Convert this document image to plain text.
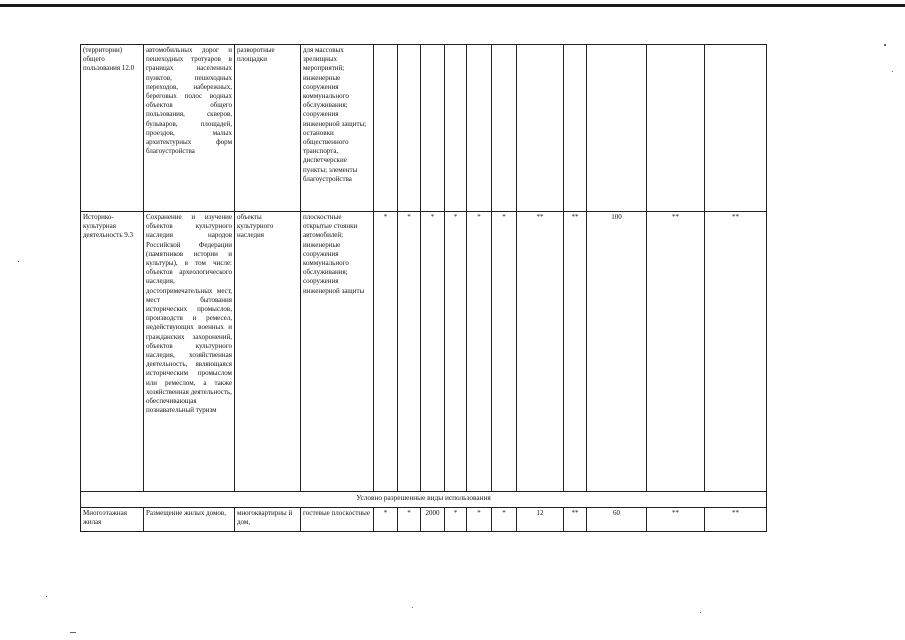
(территории) общего пользования 12.0	автомобильных дорог и пешеходных тротуаров в границах населенных пунктов, пешеходных переходов, набережных, береговых полос водных объектов общего пользования, скверов, бульваров, площадей, проездов, малых архитектурных форм благоустройства	разворотные площадки	для массовых зрелищных мероприятий; инженерные сооружения коммунального обслуживания; сооружения инженерной защиты; остановки общественного транспорта, диспетчерские пункты; элементы благоустройства											
Историко-культурная деятельность 9.3	Сохранение и изучение объектов культурного наследия народов Российской Федерации (памятников истории и культуры), в том числе: объектов археологического наследия, достопримечательных мест, мест бытования исторических промыслов, производств и ремесел, недействующих военных и гражданских захоронений, объектов культурного наследия, хозяйственная деятельность, являющаяся историческим промыслом или ремеслом, а также хозяйственная деятельность, обеспечивающая познавательный туризм	объекты культурного наследия	плоскостные открытые стоянки автомобилей; инженерные сооружения коммунального обслуживания; сооружения инженерной защиты	*	*	*	*	*	*	**	**	100	**	**
Условно разрешенные виды использования														
Многоэтажная жилая	Размещение жилых домов,	многоквартирны й дом,	гостевые плоскостные	*	*	2000	*	*	*	12	**	60	**	**
